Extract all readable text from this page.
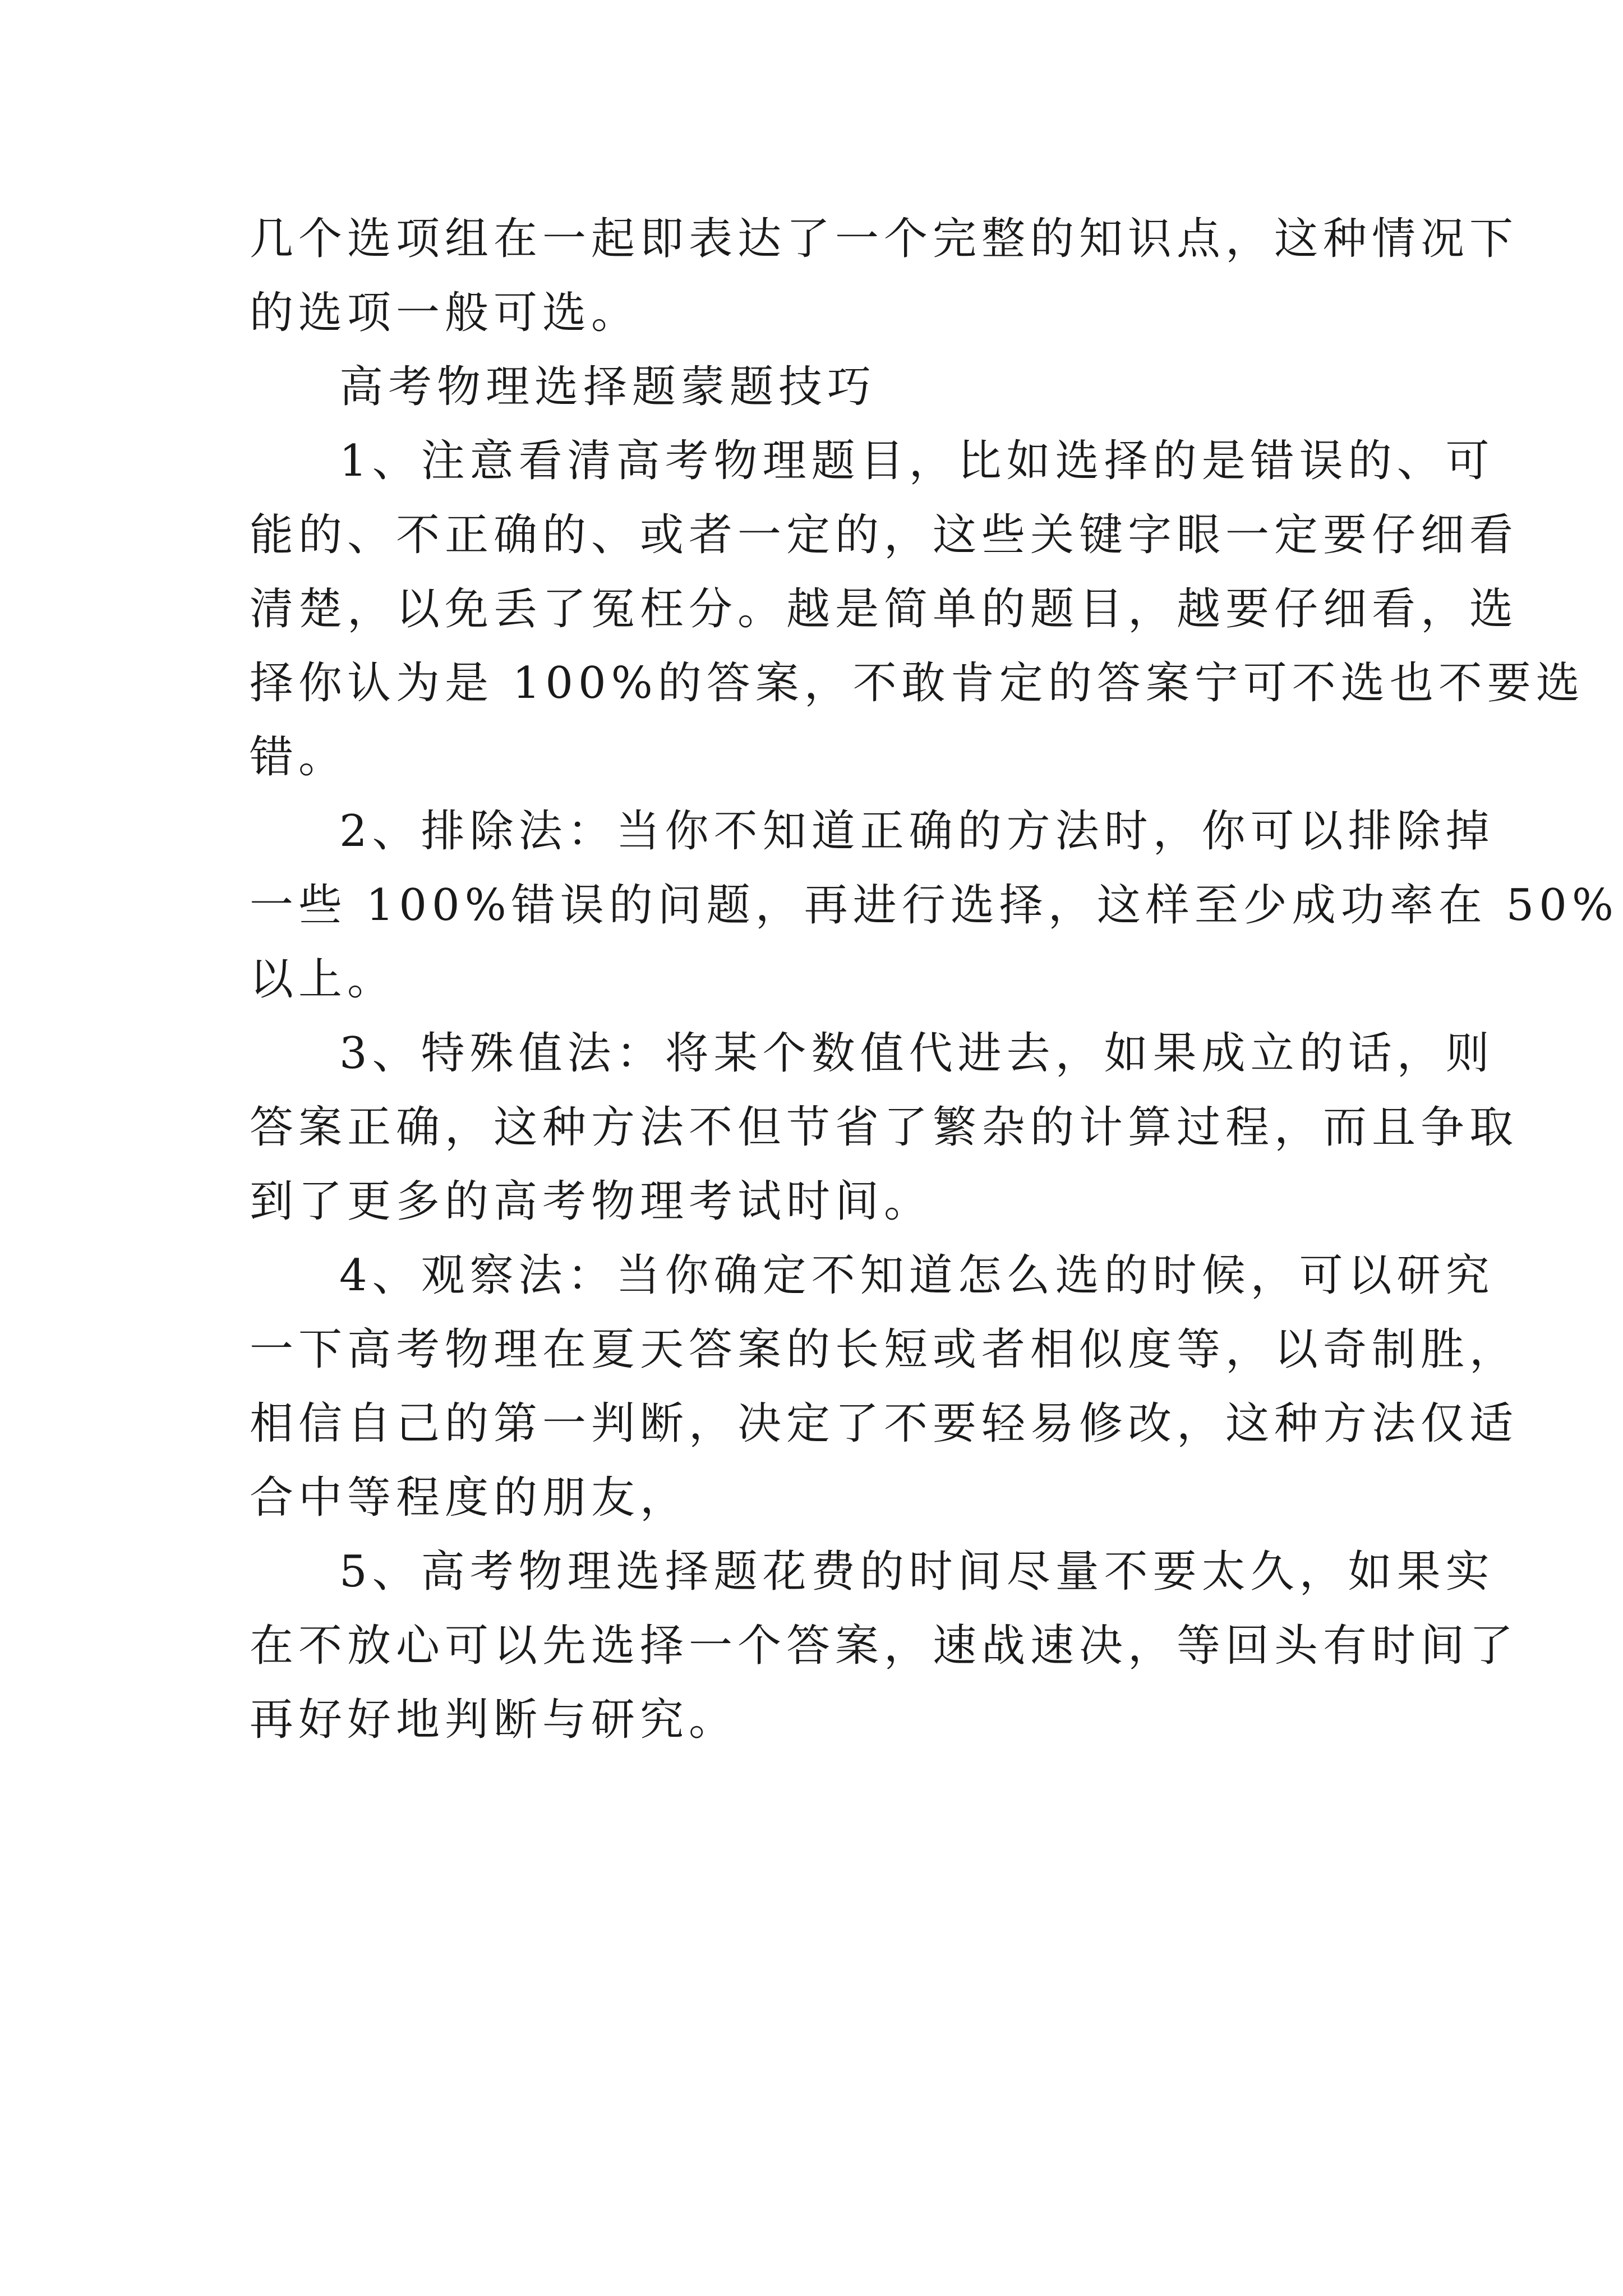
几个选项组在一起即表达了一个完整的知识点，这种情况下
的选项一般可选。
高考物理选择题蒙题技巧
1、注意看清高考物理题目，比如选择的是错误的、可
能的、不正确的、或者一定的，这些关键字眼一定要仔细看
清楚，以免丢了冤枉分。越是简单的题目，越要仔细看，选
择你认为是 100%的答案，不敢肯定的答案宁可不选也不要选
错。
2、排除法：当你不知道正确的方法时，你可以排除掉
一些 100%错误的问题，再进行选择，这样至少成功率在 50%
以上。
3、特殊值法：将某个数值代进去，如果成立的话，则
答案正确，这种方法不但节省了繁杂的计算过程，而且争取
到了更多的高考物理考试时间。
4、观察法：当你确定不知道怎么选的时候，可以研究
一下高考物理在夏天答案的长短或者相似度等，以奇制胜，
相信自己的第一判断，决定了不要轻易修改，这种方法仅适
合中等程度的朋友，
5、高考物理选择题花费的时间尽量不要太久，如果实
在不放心可以先选择一个答案，速战速决，等回头有时间了
再好好地判断与研究。
